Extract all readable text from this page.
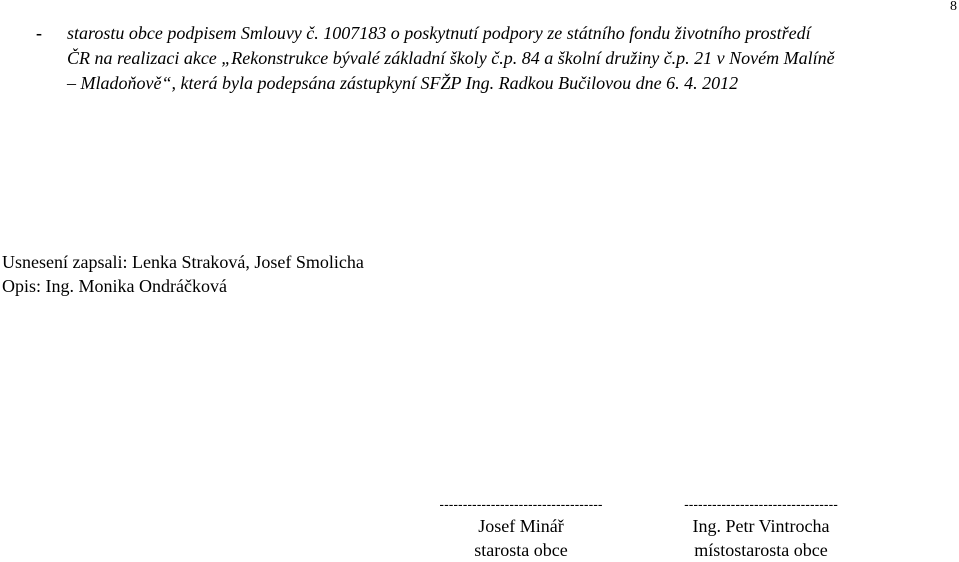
8
- starostu obce podpisem Smlouvy č. 1007183 o poskytnutí podpory ze státního fondu životního prostředí
ČR na realizaci akce „Rekonstrukce bývalé základní školy č.p. 84 a školní družiny č.p. 21 v Novém Malíně
– Mladoňově“, která byla podepsána zástupkyní SFŽP Ing. Radkou Bučilovou dne 6. 4. 2012
Usnesení zapsali: Lenka Straková, Josef Smolicha
Opis: Ing. Monika Ondráčková
-----------------------------------
Josef Minář
starosta obce
---------------------------------
Ing. Petr Vintrocha
místostarosta obce
